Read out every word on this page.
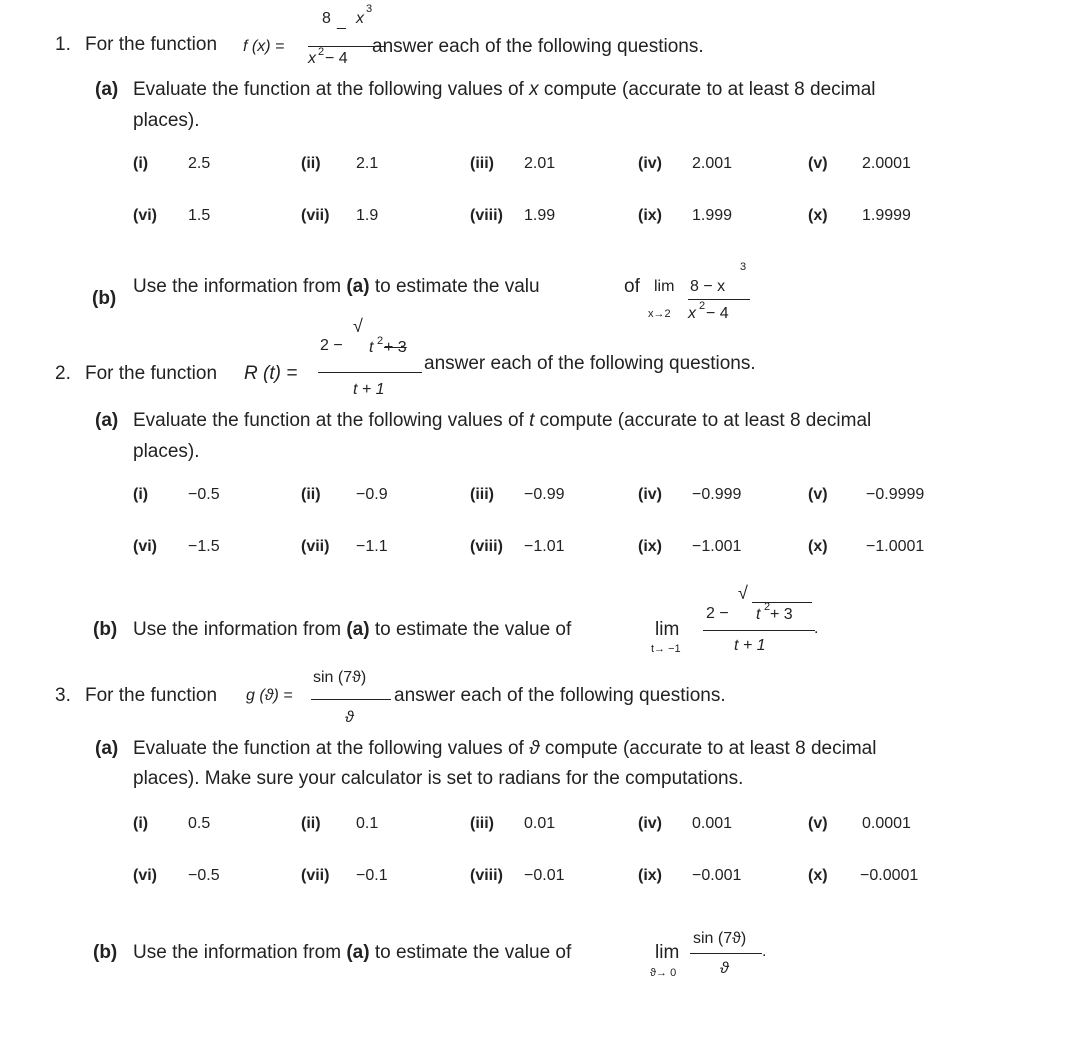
1. For the function f (x) =
8 _ x
3
x 2 − 4
answer each of the following questions.
(a) Evaluate the function at the following values of x compute (accurate to at least 8 decimal
places).
(i) 2.5	(ii) 2.1	(iii) 2.01	(iv) 2.001	(v) 2.0001
(vi) 1.5	(vii) 1.9	(viii) 1.99	(ix) 1.999	(x) 1.9999
(b)
Use the information from (a) to estimate the valu	of lim
x→2
3
8 − x
x 2 − 4
2. For the function R (t) =
2 −
√
t 2 + 3
t + 1
answer each of the following questions.
(a) Evaluate the function at the following values of t compute (accurate to at least 8 decimal
places).
(i) −0.5	(ii) −0.9	(iii) −0.99	(iv) −0.999	(v) −0.9999
(vi) −1.5	(vii) −1.1	(viii) −1.01	(ix) −1.001	(x) −1.0001
(b) Use the information from (a) to estimate the value of	lim
t→ −1
2 −
√
t 2 + 3
t + 1
.
3. For the function g (ϑ) =
sin (7ϑ)
ϑ
answer each of the following questions.
(a) Evaluate the function at the following values of ϑ compute (accurate to at least 8 decimal
places). Make sure your calculator is set to radians for the computations.
(i) 0.5	(ii) 0.1	(iii) 0.01	(iv) 0.001	(v) 0.0001
(vi) −0.5	(vii) −0.1	(viii) −0.01	(ix) −0.001	(x) −0.0001
(b) Use the information from (a) to estimate the value of	lim
ϑ→ 0
sin (7ϑ)
ϑ
.
